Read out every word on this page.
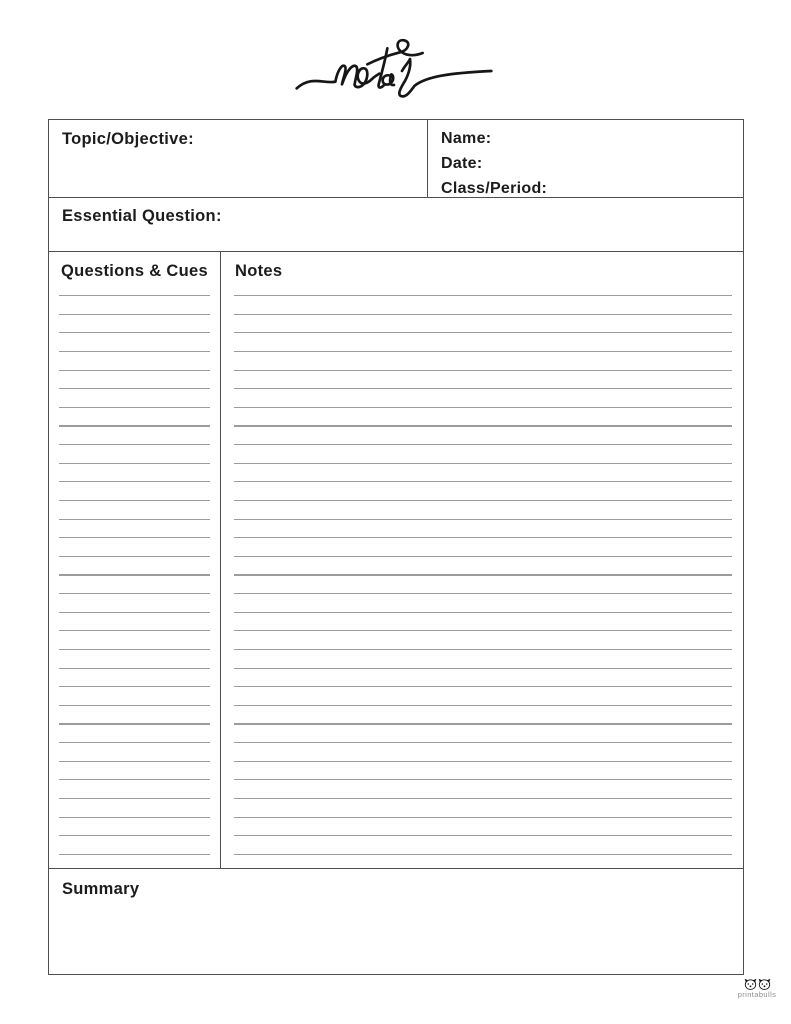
Topic/Objective:	Name:
Date:
Class/Period:
Essential Question:
Questions & Cues	Notes
Summary
printabulls
